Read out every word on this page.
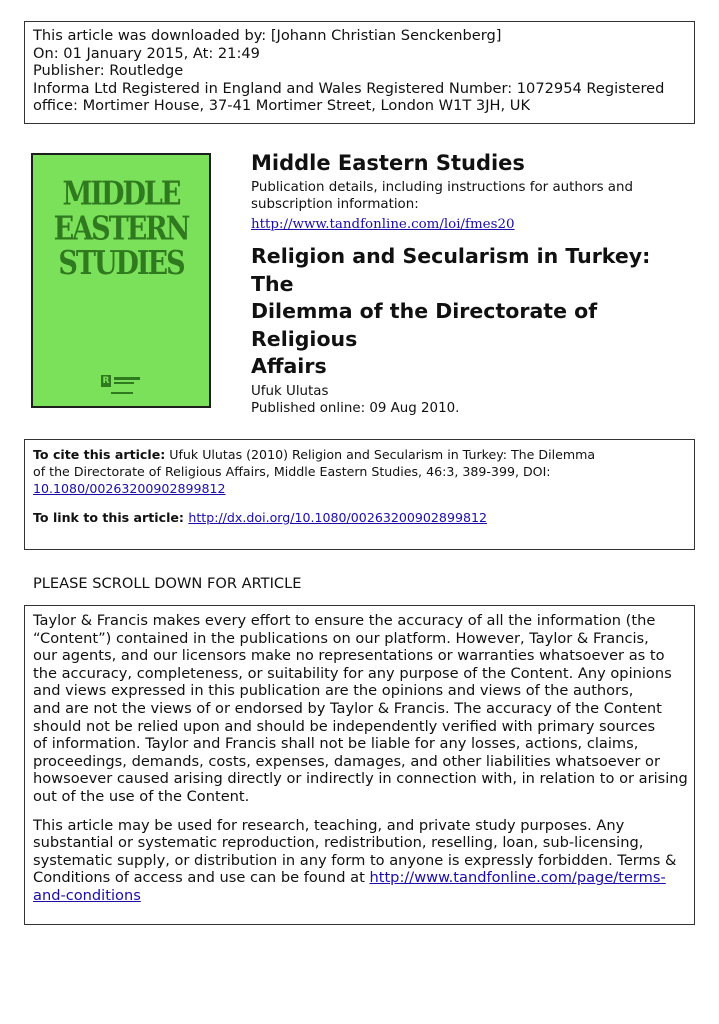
This article was downloaded by: [Johann Christian Senckenberg]
On: 01 January 2015, At: 21:49
Publisher: Routledge
Informa Ltd Registered in England and Wales Registered Number: 1072954 Registered
office: Mortimer House, 37-41 Mortimer Street, London W1T 3JH, UK
MIDDLE
EASTERN
STUDIES
R
Middle Eastern Studies
Publication details, including instructions for authors and
subscription information:
http://www.tandfonline.com/loi/fmes20
Religion and Secularism in Turkey: The
Dilemma of the Directorate of Religious
Affairs
Ufuk Ulutas
Published online: 09 Aug 2010.
To cite this article: Ufuk Ulutas (2010) Religion and Secularism in Turkey: The Dilemma
of the Directorate of Religious Affairs, Middle Eastern Studies, 46:3, 389-399, DOI:
10.1080/00263200902899812
To link to this article: http://dx.doi.org/10.1080/00263200902899812
PLEASE SCROLL DOWN FOR ARTICLE
Taylor & Francis makes every effort to ensure the accuracy of all the information (the
“Content”) contained in the publications on our platform. However, Taylor & Francis,
our agents, and our licensors make no representations or warranties whatsoever as to
the accuracy, completeness, or suitability for any purpose of the Content. Any opinions
and views expressed in this publication are the opinions and views of the authors,
and are not the views of or endorsed by Taylor & Francis. The accuracy of the Content
should not be relied upon and should be independently verified with primary sources
of information. Taylor and Francis shall not be liable for any losses, actions, claims,
proceedings, demands, costs, expenses, damages, and other liabilities whatsoever or
howsoever caused arising directly or indirectly in connection with, in relation to or arising
out of the use of the Content.
This article may be used for research, teaching, and private study purposes. Any
substantial or systematic reproduction, redistribution, reselling, loan, sub-licensing,
systematic supply, or distribution in any form to anyone is expressly forbidden. Terms &
Conditions of access and use can be found at http://www.tandfonline.com/page/terms-
and-conditions
